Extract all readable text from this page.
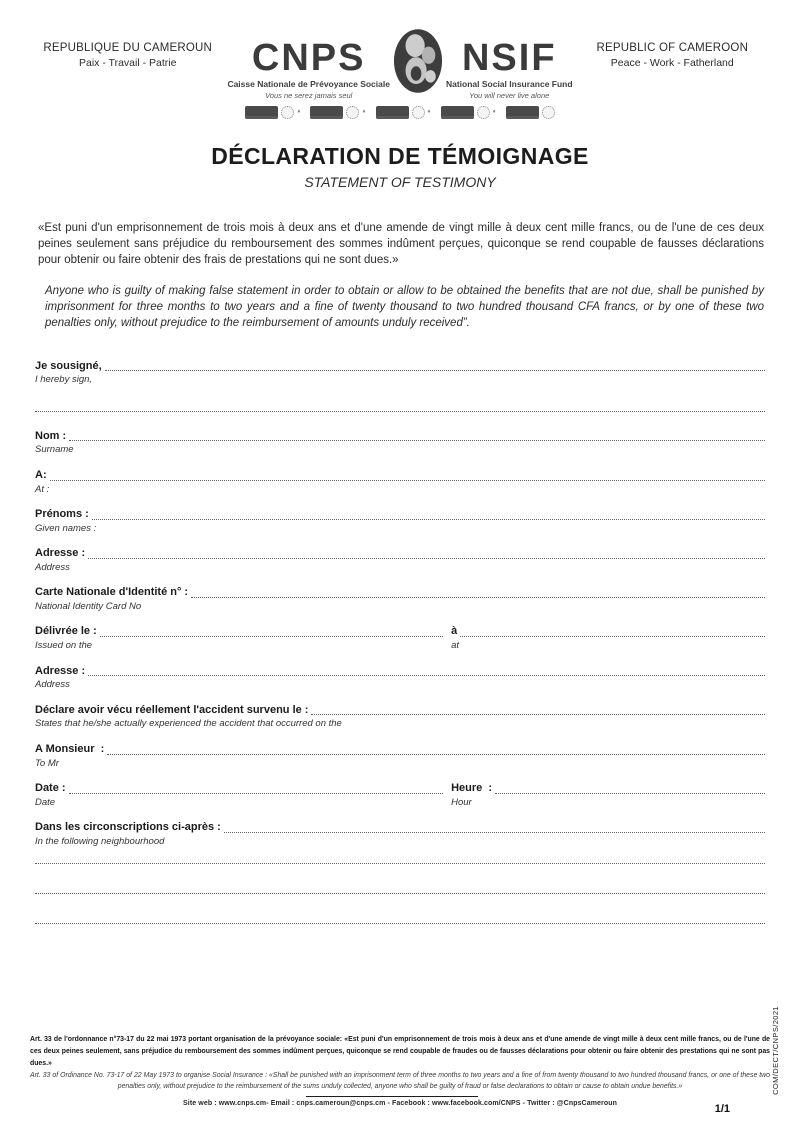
REPUBLIQUE DU CAMEROUN
Paix - Travail - Patrie	CNPS
Caisse Nationale de Prévoyance Sociale
Vous ne serez jamais seul
NSIF
National Social Insurance Fund
You will never live alone
♦	♦	♦	♦
REPUBLIC OF CAMEROON
Peace - Work - Fatherland
DÉCLARATION DE TÉMOIGNAGE
STATEMENT OF TESTIMONY

«Est puni d'un emprisonnement de trois mois à deux ans et d'une amende de vingt mille à deux cent mille francs, ou de l'une de ces deux peines seulement sans préjudice du remboursement des sommes indûment perçues, quiconque se rend coupable de fausses déclarations pour obtenir ou faire obtenir des frais de prestations qui ne sont dues.»

Anyone who is guilty of making false statement in order to obtain or allow to be obtained the benefits that are not due, shall be punished by imprisonment for three months to two years and a fine of twenty thousand to two hundred thousand CFA francs, or by one of these two penalties only, without prejudice to the reimbursement of amounts unduly received”.

Je sousigné,
I hereby sign,
Nom :
Surname
A:
At :
Prénoms :
Given names :
Adresse :
Address
Carte Nationale d'Identité n° :
National Identity Card No
Délivrée le :
Issued on the
à
at
Adresse :
Address
Déclare avoir vécu réellement l'accident survenu le :
States that he/she actually experienced the accident that occurred on the
A Monsieur  :
To Mr
Date :
Date
Heure  :
Hour
Dans les circonscriptions ci-après :
In the following neighbourhood
Art. 33 de l'ordonnance n°73-17 du 22 mai 1973 portant organisation de la prévoyance sociale: «Est puni d'un emprisonnement de trois mois à deux ans et d'une amende de vingt mille à deux cent mille francs, ou de l'une de ces deux peines seulement, sans préjudice du remboursement des sommes indûment perçues, quiconque se rend coupable de fraudes ou de fausses déclarations pour obtenir ou faire obtenir des prestations qui ne sont pas dues.»
Art. 33 of Ordinance No. 73-17 of 22 May 1973 to organise Social Insurance : «Shall be punished with an imprisonment term of three months to two years and a fine of from twenty thousand to two hundred thousand francs, or one of these two penalties only, without prejudice to the reimbursement of the sums unduly collected, anyone who shall be guilty of fraud or false declarations to obtain or cause to obtain undue benefits.»
Site web : www.cnps.cm- Email : cnps.cameroun@cnps.cm - Facebook : www.facebook.com/CNPS - Twitter : @CnpsCameroun
COM/DECT/CNPS/2021
1/1
